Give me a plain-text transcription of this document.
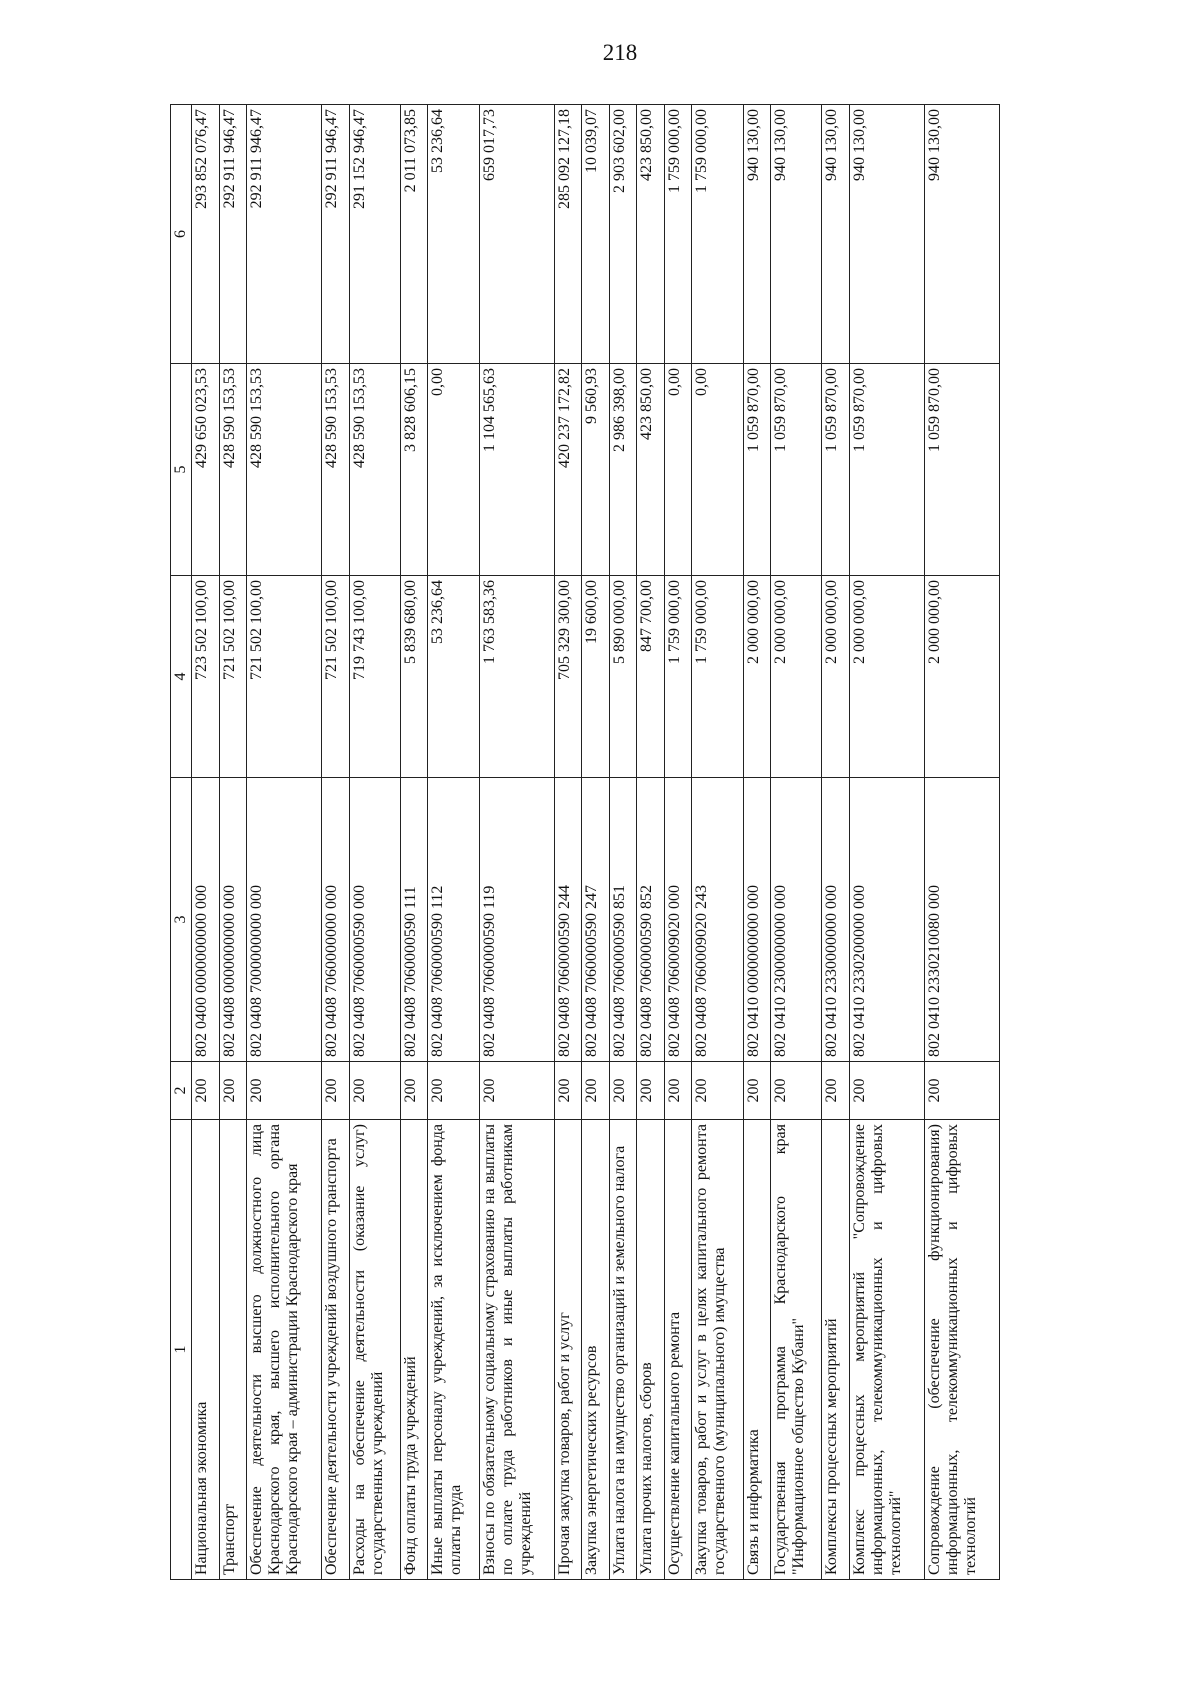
218
1	2	3	4	5	6
Национальная экономика	200	802 0400 0000000000 000	723 502 100,00	429 650 023,53	293 852 076,47
Транспорт	200	802 0408 0000000000 000	721 502 100,00	428 590 153,53	292 911 946,47
Обеспечение деятельности высшего должностного лица Краснодарского края, высшего исполнительного органа Краснодарского края – администрации Краснодарского края	200	802 0408 7000000000 000	721 502 100,00	428 590 153,53	292 911 946,47
Обеспечение деятельности учреждений воздушного транспорта	200	802 0408 7060000000 000	721 502 100,00	428 590 153,53	292 911 946,47
Расходы на обеспечение деятельности (оказание услуг) государственных учреждений	200	802 0408 7060000590 000	719 743 100,00	428 590 153,53	291 152 946,47
Фонд оплаты труда учреждений	200	802 0408 7060000590 111	5 839 680,00	3 828 606,15	2 011 073,85
Иные выплаты персоналу учреждений, за исключением фонда оплаты труда	200	802 0408 7060000590 112	53 236,64	0,00	53 236,64
Взносы по обязательному социальному страхованию на выплаты по оплате труда работников и иные выплаты работникам учреждений	200	802 0408 7060000590 119	1 763 583,36	1 104 565,63	659 017,73
Прочая закупка товаров, работ и услуг	200	802 0408 7060000590 244	705 329 300,00	420 237 172,82	285 092 127,18
Закупка энергетических ресурсов	200	802 0408 7060000590 247	19 600,00	9 560,93	10 039,07
Уплата налога на имущество организаций и земельного налога	200	802 0408 7060000590 851	5 890 000,00	2 986 398,00	2 903 602,00
Уплата прочих налогов, сборов	200	802 0408 7060000590 852	847 700,00	423 850,00	423 850,00
Осуществление капитального ремонта	200	802 0408 7060009020 000	1 759 000,00	0,00	1 759 000,00
Закупка товаров, работ и услуг в целях капитального ремонта государственного (муниципального) имущества	200	802 0408 7060009020 243	1 759 000,00	0,00	1 759 000,00
Связь и информатика	200	802 0410 0000000000 000	2 000 000,00	1 059 870,00	940 130,00
Государственная программа Краснодарского края "Информационное общество Кубани"	200	802 0410 2300000000 000	2 000 000,00	1 059 870,00	940 130,00
Комплексы процессных мероприятий	200	802 0410 2330000000 000	2 000 000,00	1 059 870,00	940 130,00
Комплекс процессных мероприятий "Сопровождение информационных, телекоммуникационных и цифровых технологий"	200	802 0410 2330200000 000	2 000 000,00	1 059 870,00	940 130,00
Сопровождение (обеспечение функционирования) информационных, телекоммуникационных и цифровых технологий	200	802 0410 2330210080 000	2 000 000,00	1 059 870,00	940 130,00
